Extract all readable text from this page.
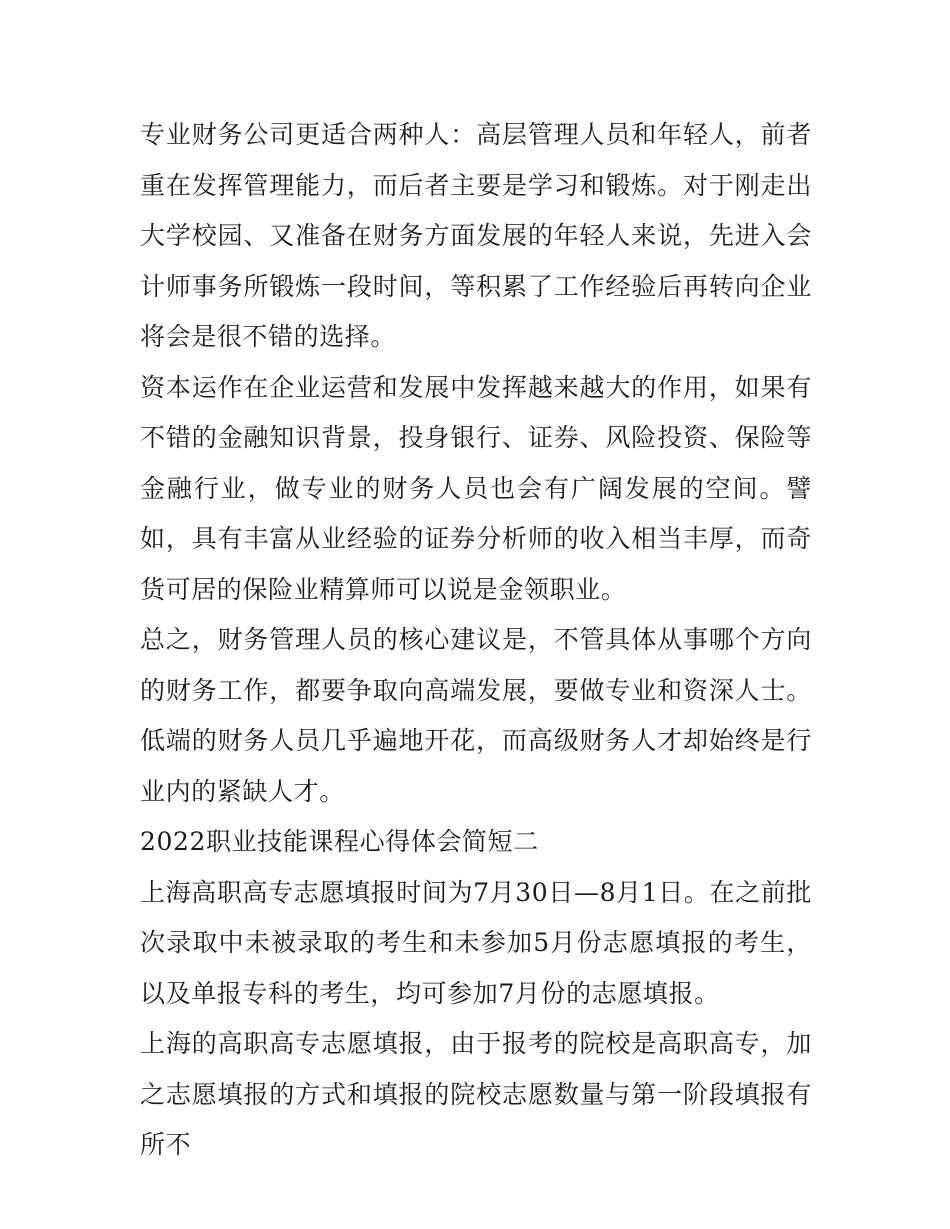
专业财务公司更适合两种人：高层管理人员和年轻人，前者重在发挥管理能力，而后者主要是学习和锻炼。对于刚走出大学校园、又准备在财务方面发展的年轻人来说，先进入会计师事务所锻炼一段时间，等积累了工作经验后再转向企业将会是很不错的选择。

资本运作在企业运营和发展中发挥越来越大的作用，如果有不错的金融知识背景，投身银行、证券、风险投资、保险等金融行业，做专业的财务人员也会有广阔发展的空间。譬如，具有丰富从业经验的证券分析师的收入相当丰厚，而奇货可居的保险业精算师可以说是金领职业。

总之，财务管理人员的核心建议是，不管具体从事哪个方向的财务工作，都要争取向高端发展，要做专业和资深人士。低端的财务人员几乎遍地开花，而高级财务人才却始终是行业内的紧缺人才。

2022职业技能课程心得体会简短二

上海高职高专志愿填报时间为7月30日—8月1日。在之前批次录取中未被录取的考生和未参加5月份志愿填报的考生，以及单报专科的考生，均可参加7月份的志愿填报。

上海的高职高专志愿填报，由于报考的院校是高职高专，加之志愿填报的方式和填报的院校志愿数量与第一阶段填报有所不
